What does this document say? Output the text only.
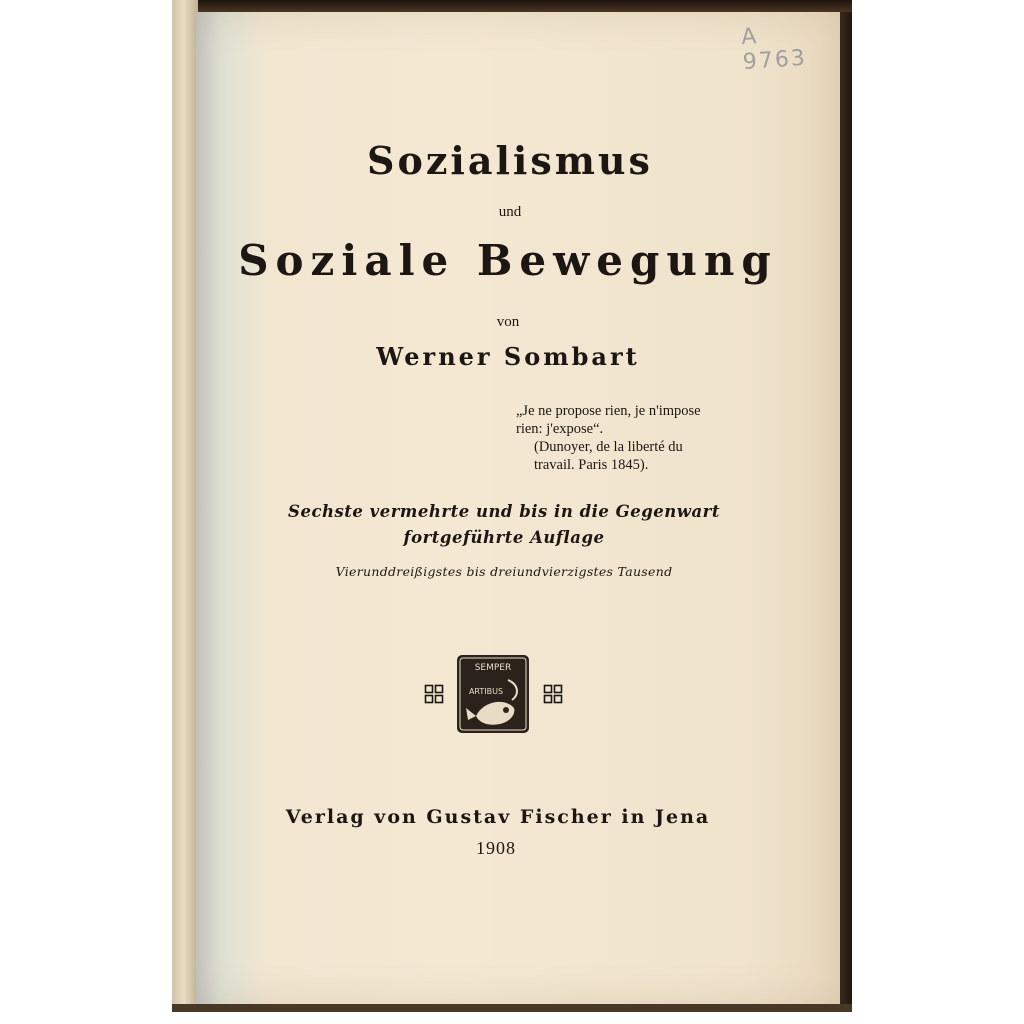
A 9763
Sozialismus
und
Soziale Bewegung
von
Werner Sombart
„Je ne propose rien, je n'impose
rien: j'expose“.
(Dunoyer, de la liberté du
travail. Paris 1845).
Sechste vermehrte und bis in die Gegenwart
fortgeführte Auflage
Vierunddreißigstes bis dreiundvierzigstes Tausend
SEMPER
ARTIBUS
Verlag von Gustav Fischer in Jena
1908
